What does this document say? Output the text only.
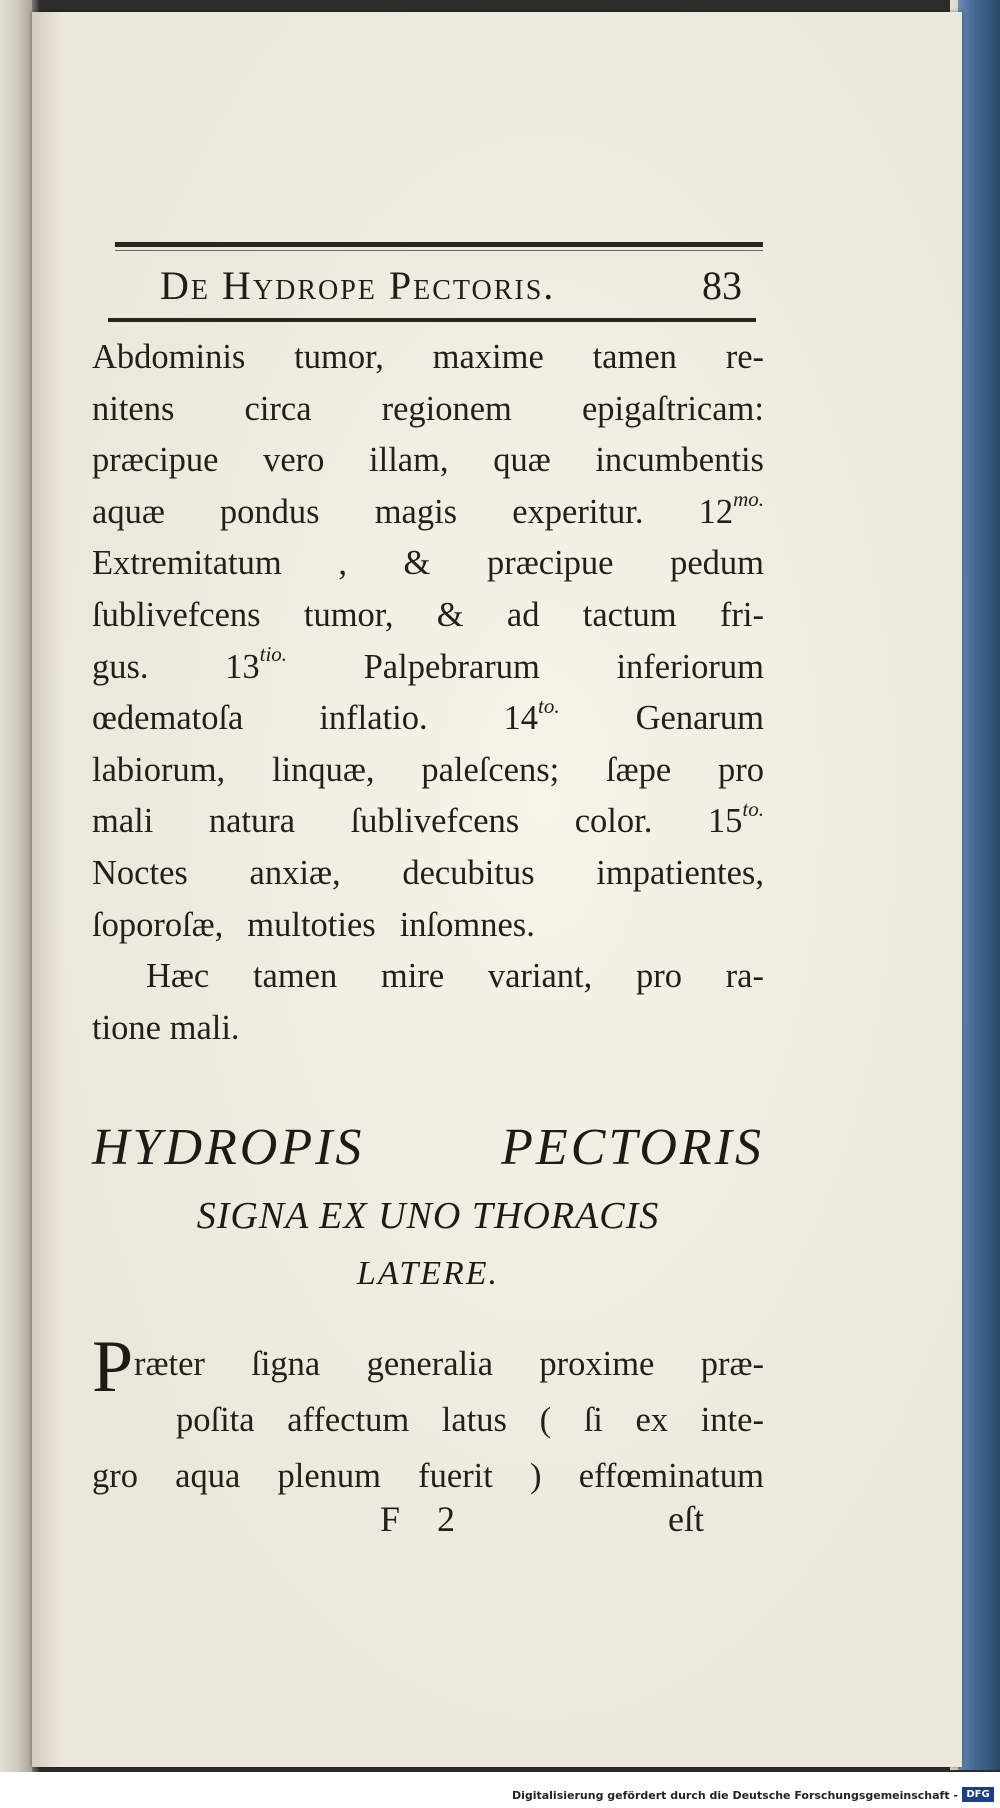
De Hydrope Pectoris.	83
Abdominis tumor, maxime tamen re-
nitens circa regionem epigaſtricam:
præcipue vero illam, quæ incumbentis
aquæ pondus magis experitur. $12^{mo.}$
Extremitatum , & præcipue pedum
ſublivefcens tumor, & ad tactum fri-
gus. $13^{tio.}$ Palpebrarum inferiorum
œdematoſa inflatio. $14^{to.}$ Genarum
labiorum, linquæ, paleſcens; ſæpe pro
mali natura ſublivefcens color. $15^{to.}$
Noctes anxiæ, decubitus impatientes,
ſoporoſæ, multoties inſomnes.
Hæc tamen mire variant, pro ra-
tione mali.
HYDROPIS	PECTORIS
SIGNA EX UNO THORACIS
LATERE.
P ræter ſigna generalia proxime præ-
poſita affectum latus ( ſi ex inte-
gro aqua plenum fuerit ) effœminatum
F 2	eſt
Digitalisierung gefördert durch die Deutsche Forschungsgemeinschaft - DFG
